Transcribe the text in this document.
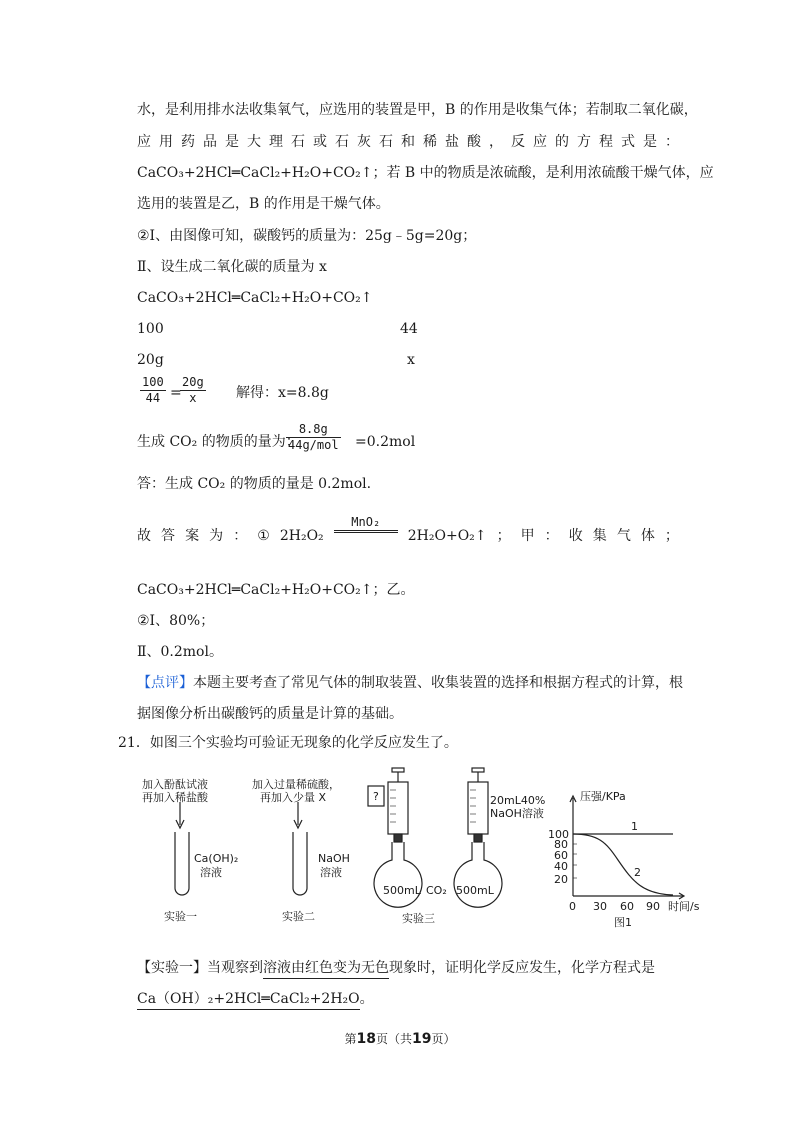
水，是利用排水法收集氧气，应选用的装置是甲，B 的作用是收集气体；若制取二氧化碳，
应 用 药 品 是 大 理 石 或 石 灰 石 和 稀 盐 酸 ， 反 应 的 方 程 式 是 ：
CaCO₃+2HCl═CaCl₂+H₂O+CO₂↑；若 B 中的物质是浓硫酸，是利用浓硫酸干燥气体，应
选用的装置是乙，B 的作用是干燥气体。
②Ⅰ、由图像可知，碳酸钙的质量为：25g﹣5g=20g；
Ⅱ、设生成二氧化碳的质量为 x
CaCO₃+2HCl═CaCl₂+H₂O+CO₂↑
100	44
20g	x
100
44 =
20g
x	解得：x=8.8g
生成 CO₂ 的物质的量为：
8.8g
44g/mol =0.2mol
答：生成 CO₂ 的物质的量是 0.2mol.
故 答 案 为 ： ① 2H₂O₂
MnO₂
2H₂O+O₂↑ ； 甲 ： 收 集 气 体 ；
CaCO₃+2HCl═CaCl₂+H₂O+CO₂↑；乙。
②Ⅰ、80%；
Ⅱ、0.2mol。
【点评】本题主要考查了常见气体的制取装置、收集装置的选择和根据方程式的计算，根
据图像分析出碳酸钙的质量是计算的基础。
21．如图三个实验均可验证无现象的化学反应发生了。
加入酚酞试液
再加入稀盐酸
Ca(OH)₂
溶液
实验一
加入过量稀硫酸，
再加入少量 X
NaOH
溶液
实验二
?	20mL40%
NaOH溶液
500mL CO₂ 500mL
实验三
压强/KPa
100
80
60
40
20
0 30 60 90 时间/s
1
2
图1
【实验一】当观察到溶液由红色变为无色现象时，证明化学反应发生，化学方程式是
Ca（OH）₂+2HCl═CaCl₂+2H₂O。
第18页（共19页）
